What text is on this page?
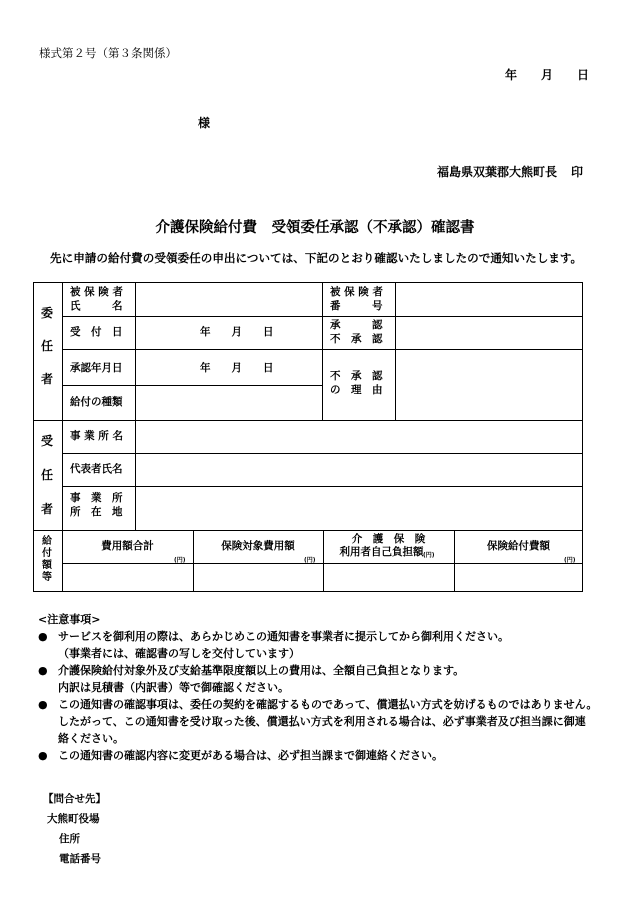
様式第２号（第３条関係）
年　　月　　日
様
福島県双葉郡大熊町長 印
介護保険給付費　受領委任承認（不承認）確認書
先に申請の給付費の受領委任の申出については、下記のとおり確認いたしましたので通知いたします。
委
任
者
受
任
者
給
付
額
等
被 保 険 者
氏　　　名
被 保 険 者
番　　　号
受　付　日	年　　月　　日
承　　　認
不　承　認
承認年月日	年　　月　　日
不　承　認
の　理　由
給付の種類
事 業 所 名
代表者氏名
事　業　所
所　在　地
費用額合計
(円)
保険対象費用額
(円)
介　護　保　険
利用者自己負担額 (円)
保険給付費額
(円)
<注意事項>
● サービスを御利用の際は、あらかじめこの通知書を事業者に提示してから御利用ください。
（事業者には、確認書の写しを交付しています）
● 介護保険給付対象外及び支給基準限度額以上の費用は、全額自己負担となります。
内訳は見積書（内訳書）等で御確認ください。
● この通知書の確認事項は、委任の契約を確認するものであって、償還払い方式を妨げるものではありません。
したがって、この通知書を受け取った後、償還払い方式を利用される場合は、必ず事業者及び担当課に御連
絡ください。
● この通知書の確認内容に変更がある場合は、必ず担当課まで御連絡ください。
【問合せ先】
大熊町役場
住所
電話番号
